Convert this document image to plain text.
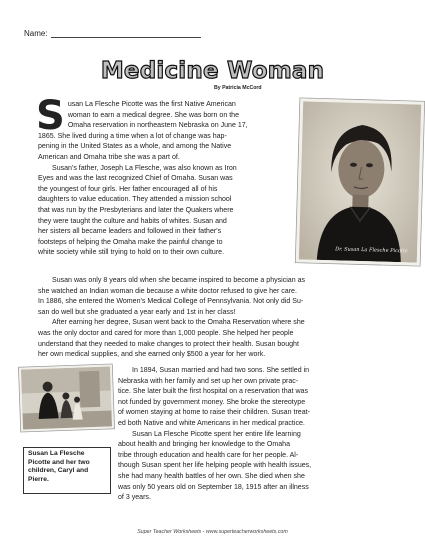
Name:
Medicine Woman
By Patricia McCord
S usan La Flesche Picotte was the first Native American
woman to earn a medical degree. She was born on the
Omaha reservation in northeastern Nebraska on June 17,
1865. She lived during a time when a lot of change was hap-
pening in the United States as a whole, and among the Native
American and Omaha tribe she was a part of.
Susan's father, Joseph La Flesche, was also known as Iron
Eyes and was the last recognized Chief of Omaha. Susan was
the youngest of four girls. Her father encouraged all of his
daughters to value education. They attended a mission school
that was run by the Presbyterians and later the Quakers where
they were taught the culture and habits of whites. Susan and
her sisters all became leaders and followed in their father's
footsteps of helping the Omaha make the painful change to
white society while still trying to hold on to their own culture.	Dr. Susan La Flesche Picotte
Susan was only 8 years old when she became inspired to become a physician as
she watched an Indian woman die because a white doctor refused to give her care.
In 1886, she entered the Women's Medical College of Pennsylvania. Not only did Su-
san do well but she graduated a year early and 1st in her class!
After earning her degree, Susan went back to the Omaha Reservation where she
was the only doctor and cared for more than 1,000 people. She helped her people
understand that they needed to make changes to protect their health. Susan bought
her own medical supplies, and she earned only $500 a year for her work.
Susan La Flesche Picotte and her two children, Caryl and Pierre.
In 1894, Susan married and had two sons. She settled in
Nebraska with her family and set up her own private prac-
tice. She later built the first hospital on a reservation that was
not funded by government money. She broke the stereotype
of women staying at home to raise their children. Susan treat-
ed both Native and white Americans in her medical practice.
Susan La Flesche Picotte spent her entire life learning
about health and bringing her knowledge to the Omaha
tribe through education and health care for her people. Al-
though Susan spent her life helping people with health issues,
she had many health battles of her own. She died when she
was only 50 years old on September 18, 1915 after an illness
of 3 years.
Super Teacher Worksheets - www.superteacherworksheets.com
